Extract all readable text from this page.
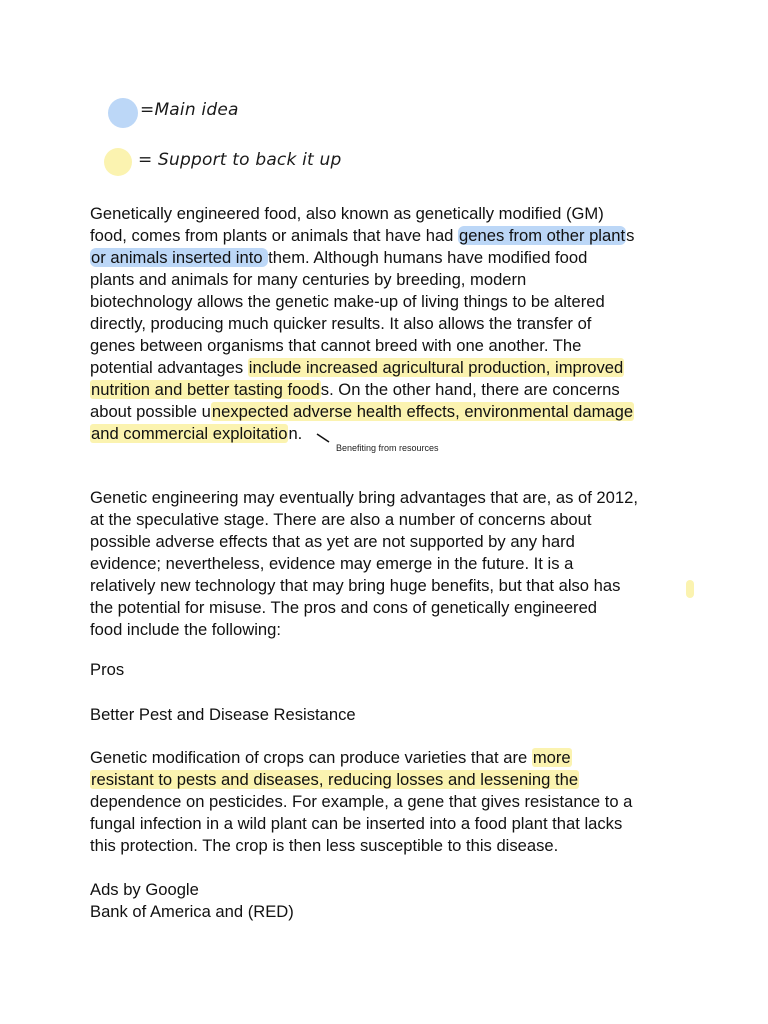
=Main idea
= Support to back it up
Genetically engineered food, also known as genetically modified (GM)
food, comes from plants or animals that have had genes from other plants
or animals inserted into them. Although humans have modified food
plants and animals for many centuries by breeding, modern
biotechnology allows the genetic make-up of living things to be altered
directly, producing much quicker results. It also allows the transfer of
genes between organisms that cannot breed with one another. The
potential advantages include increased agricultural production, improved
nutrition and better tasting foods. On the other hand, there are concerns
about possible unexpected adverse health effects, environmental damage
and commercial exploitation.
Benefiting from resources
Genetic engineering may eventually bring advantages that are, as of 2012,
at the speculative stage. There are also a number of concerns about
possible adverse effects that as yet are not supported by any hard
evidence; nevertheless, evidence may emerge in the future. It is a
relatively new technology that may bring huge benefits, but that also has
the potential for misuse. The pros and cons of genetically engineered
food include the following:
Pros
Better Pest and Disease Resistance
Genetic modification of crops can produce varieties that are more
resistant to pests and diseases, reducing losses and lessening the
dependence on pesticides. For example, a gene that gives resistance to a
fungal infection in a wild plant can be inserted into a food plant that lacks
this protection. The crop is then less susceptible to this disease.
Ads by Google
Bank of America and (RED)
